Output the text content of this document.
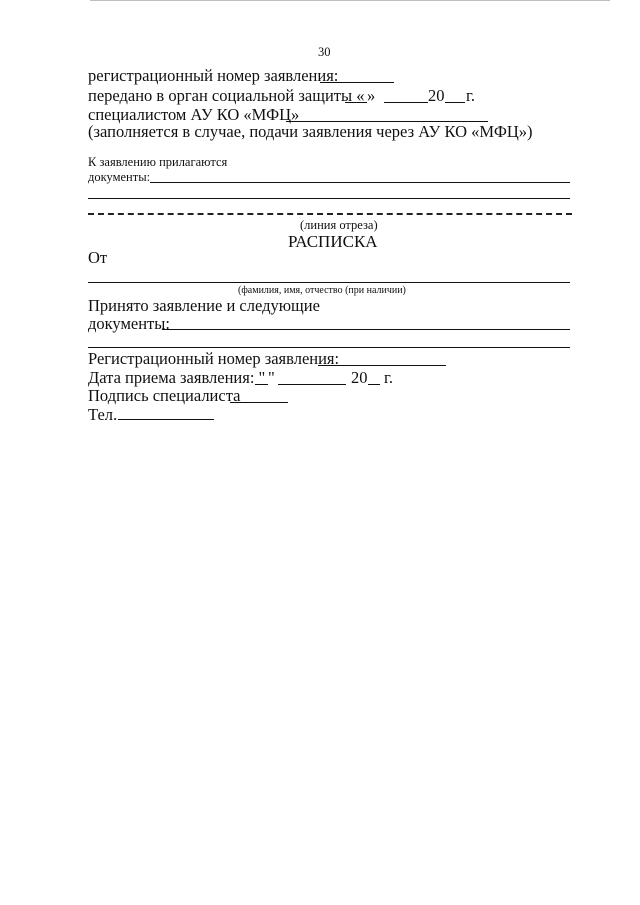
30
регистрационный номер заявления:
передано в орган социальной защиты « »	20 г.
специалистом АУ КО «МФЦ»
(заполняется в случае, подачи заявления через АУ КО «МФЦ»)
К заявлению прилагаются
документы:
(линия отреза)
РАСПИСКА
От
(фамилия, имя, отчество (при наличии)
Принято заявление и следующие
документы:
Регистрационный номер заявления:
Дата приема заявления: " "	20 г.
Подпись специалиста
Тел.
